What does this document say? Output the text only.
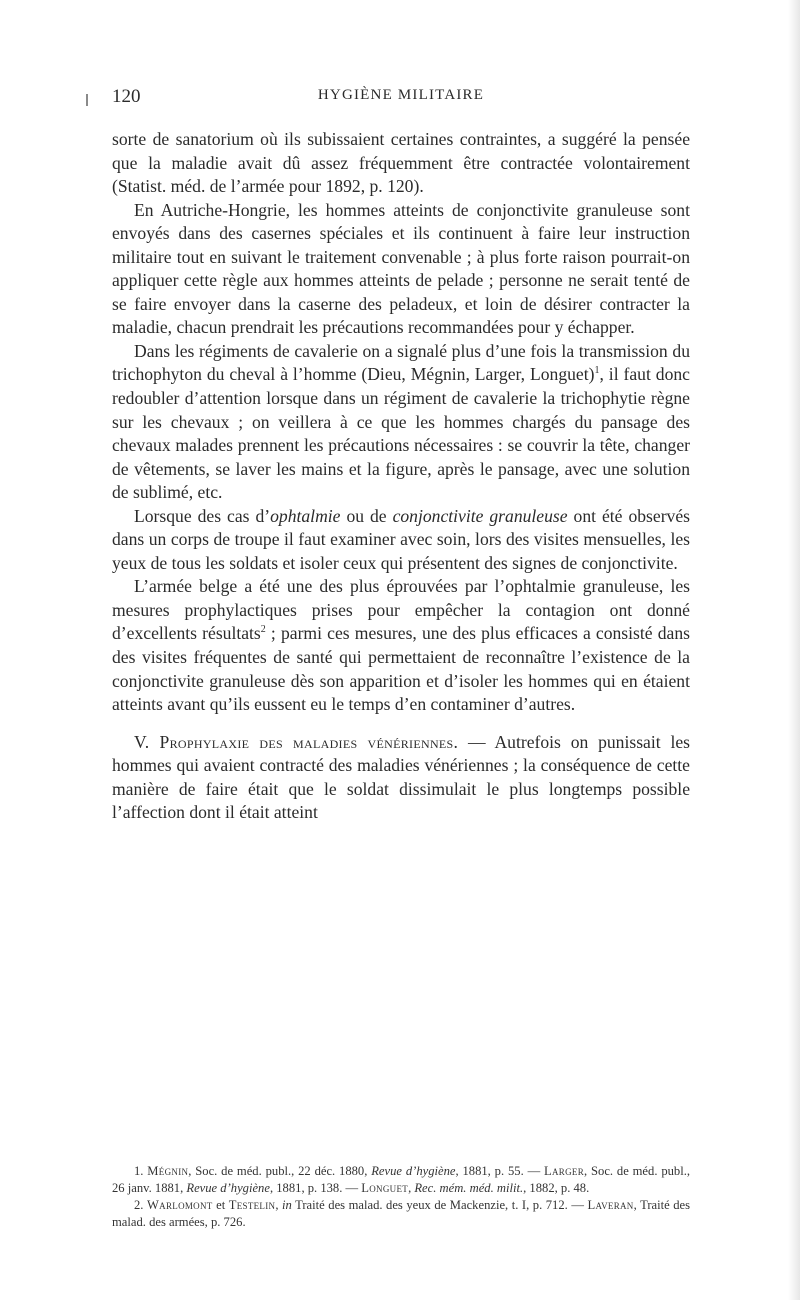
120	HYGIÈNE MILITAIRE

sorte de sanatorium où ils subissaient certaines contraintes, a suggéré la pensée que la maladie avait dû assez fréquemment être contractée volontairement (Statist. méd. de l’armée pour 1892, p. 120).

En Autriche-Hongrie, les hommes atteints de conjonctivite granuleuse sont envoyés dans des casernes spéciales et ils continuent à faire leur instruction militaire tout en suivant le traitement convenable ; à plus forte raison pourrait-on appliquer cette règle aux hommes atteints de pelade ; personne ne serait tenté de se faire envoyer dans la caserne des peladeux, et loin de désirer contracter la maladie, chacun prendrait les précautions recommandées pour y échapper.

Dans les régiments de cavalerie on a signalé plus d’une fois la transmission du trichophyton du cheval à l’homme (Dieu, Mégnin, Larger, Longuet)$^1$, il faut donc redoubler d’attention lorsque dans un régiment de cavalerie la trichophytie règne sur les chevaux ; on veillera à ce que les hommes chargés du pansage des chevaux malades prennent les précautions nécessaires : se couvrir la tête, changer de vêtements, se laver les mains et la figure, après le pansage, avec une solution de sublimé, etc.

Lorsque des cas d’ophtalmie ou de conjonctivite granuleuse ont été observés dans un corps de troupe il faut examiner avec soin, lors des visites mensuelles, les yeux de tous les soldats et isoler ceux qui présentent des signes de conjonctivite.

L’armée belge a été une des plus éprouvées par l’ophtalmie granuleuse, les mesures prophylactiques prises pour empêcher la contagion ont donné d’excellents résultats$^2$ ; parmi ces mesures, une des plus efficaces a consisté dans des visites fréquentes de santé qui permettaient de reconnaître l’existence de la conjonctivite granuleuse dès son apparition et d’isoler les hommes qui en étaient atteints avant qu’ils eussent eu le temps d’en contaminer d’autres.

V. Prophylaxie des maladies vénériennes. — Autrefois on punissait les hommes qui avaient contracté des maladies vénériennes ; la conséquence de cette manière de faire était que le soldat dissimulait le plus longtemps possible l’affection dont il était atteint

1. Mégnin, Soc. de méd. publ., 22 déc. 1880, Revue d’hygiène, 1881, p. 55. — Larger, Soc. de méd. publ., 26 janv. 1881, Revue d’hygiène, 1881, p. 138. — Longuet, Rec. mém. méd. milit., 1882, p. 48.

2. Warlomont et Testelin, in Traité des malad. des yeux de Mackenzie, t. I, p. 712. — Laveran, Traité des malad. des armées, p. 726.
